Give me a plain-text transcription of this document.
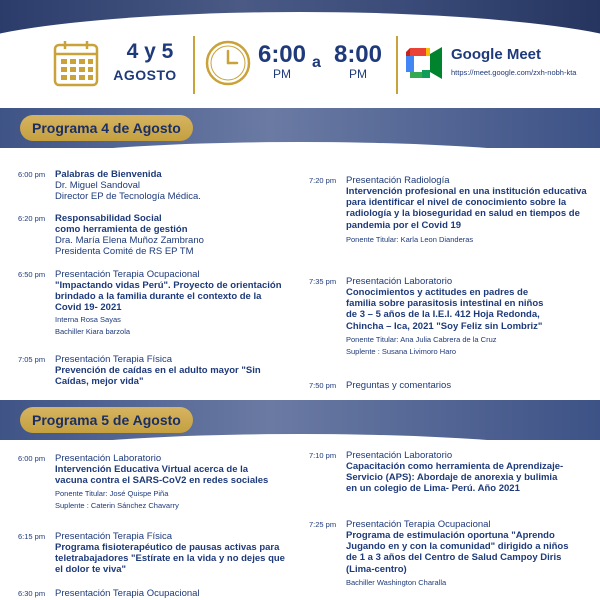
4 y 5
AGOSTO
6:00
PM
a 8:00
PM
Google Meet
https://meet.google.com/zxh-nobh-kta
Programa 4 de Agosto
6:00 pm Palabras de Bienvenida
Dr. Miguel Sandoval
Director EP de Tecnología Médica.
6:20 pm Responsabilidad Social
como herramienta de gestión
Dra. María Elena Muñoz Zambrano
Presidenta Comité de RS EP TM
6:50 pm Presentación Terapia Ocupacional
"Impactando vidas Perú". Proyecto de orientación brindado a la familia durante el contexto de la Covid 19- 2021
Interna Rosa Sayas
Bachiller Kiara barzola
7:05 pm Presentación Terapia Física
Prevención de caídas en el adulto mayor "Sin Caídas, mejor vida"
7:20 pm Presentación Radiología
Intervención profesional en una institución educativa para identificar el nivel de conocimiento sobre la radiología y la bioseguridad en salud en tiempos de pandemia por el Covid 19
Ponente Titular: Karla Leon Dianderas
7:35 pm Presentación Laboratorio
Conocimientos y actitudes en padres de familia sobre parasitosis intestinal en niños de 3 – 5 años de la I.E.I. 412 Hoja Redonda, Chincha – Ica, 2021 "Soy Feliz sin Lombriz"
Ponente Titular: Ana Julia Cabrera de la Cruz
Suplente : Susana Livimoro Haro
7:50 pm Preguntas y comentarios
Programa 5 de Agosto
6:00 pm Presentación Laboratorio
Intervención Educativa Virtual acerca de la vacuna contra el SARS-CoV2 en redes sociales
Ponente Titular: José Quispe Piña
Suplente : Caterin Sánchez Chavarry
6:15 pm Presentación Terapia Física
Programa fisioterapéutico de pausas activas para teletrabajadores "Estírate en la vida y no dejes que el dolor te viva"
6:30 pm Presentación Terapia Ocupacional
7:10 pm Presentación Laboratorio
Capacitación como herramienta de Aprendizaje- Servicio (APS): Abordaje de anorexia y bulimia en un colegio de Lima- Perú. Año 2021
7:25 pm Presentación Terapia Ocupacional
Programa de estimulación oportuna "Aprendo Jugando en y con la comunidad" dirigido a niños de 1 a 3 años del Centro de Salud Campoy Diris (Lima-centro)
Bachiller Washington Charalla
